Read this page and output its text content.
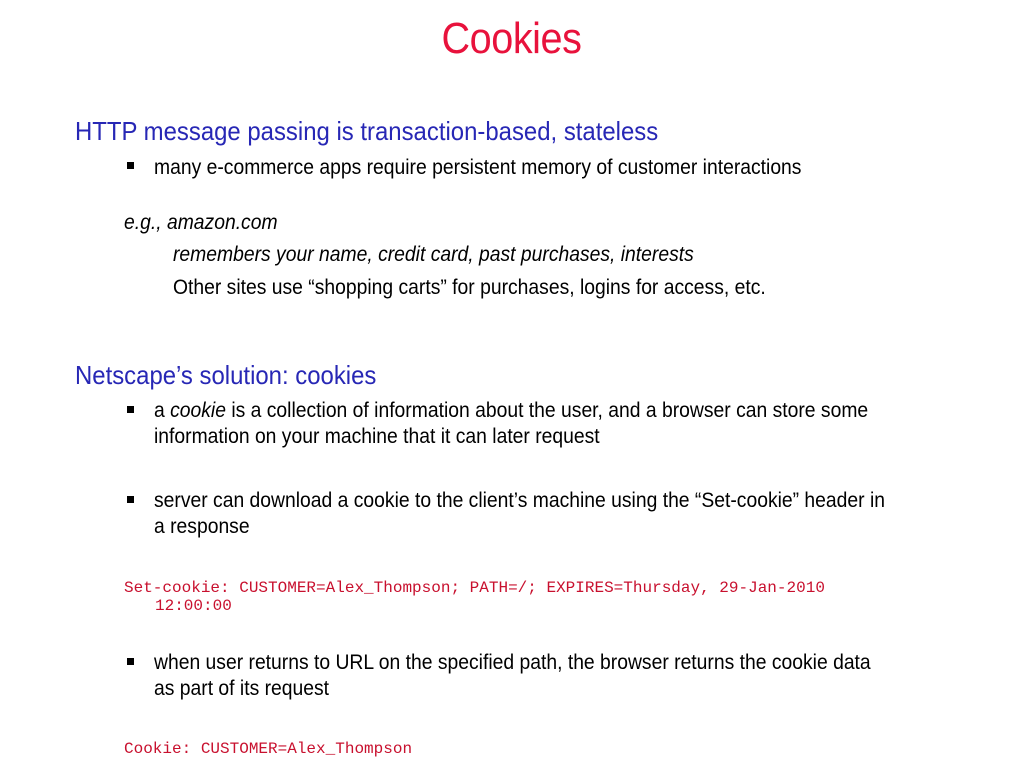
Cookies
HTTP message passing is transaction-based, stateless
many e-commerce apps require persistent memory of customer interactions
e.g., amazon.com
remembers your name, credit card, past purchases, interests
Other sites use “shopping carts” for purchases, logins for access, etc.
Netscape’s solution: cookies
a cookie is a collection of information about the user, and a browser can store some
information on your machine that it can later request
server can download a cookie to the client’s machine using the “Set-cookie” header in
a response
Set-cookie: CUSTOMER=Alex_Thompson; PATH=/; EXPIRES=Thursday, 29-Jan-2010
12:00:00
when user returns to URL on the specified path, the browser returns the cookie data
as part of its request
Cookie: CUSTOMER=Alex_Thompson
